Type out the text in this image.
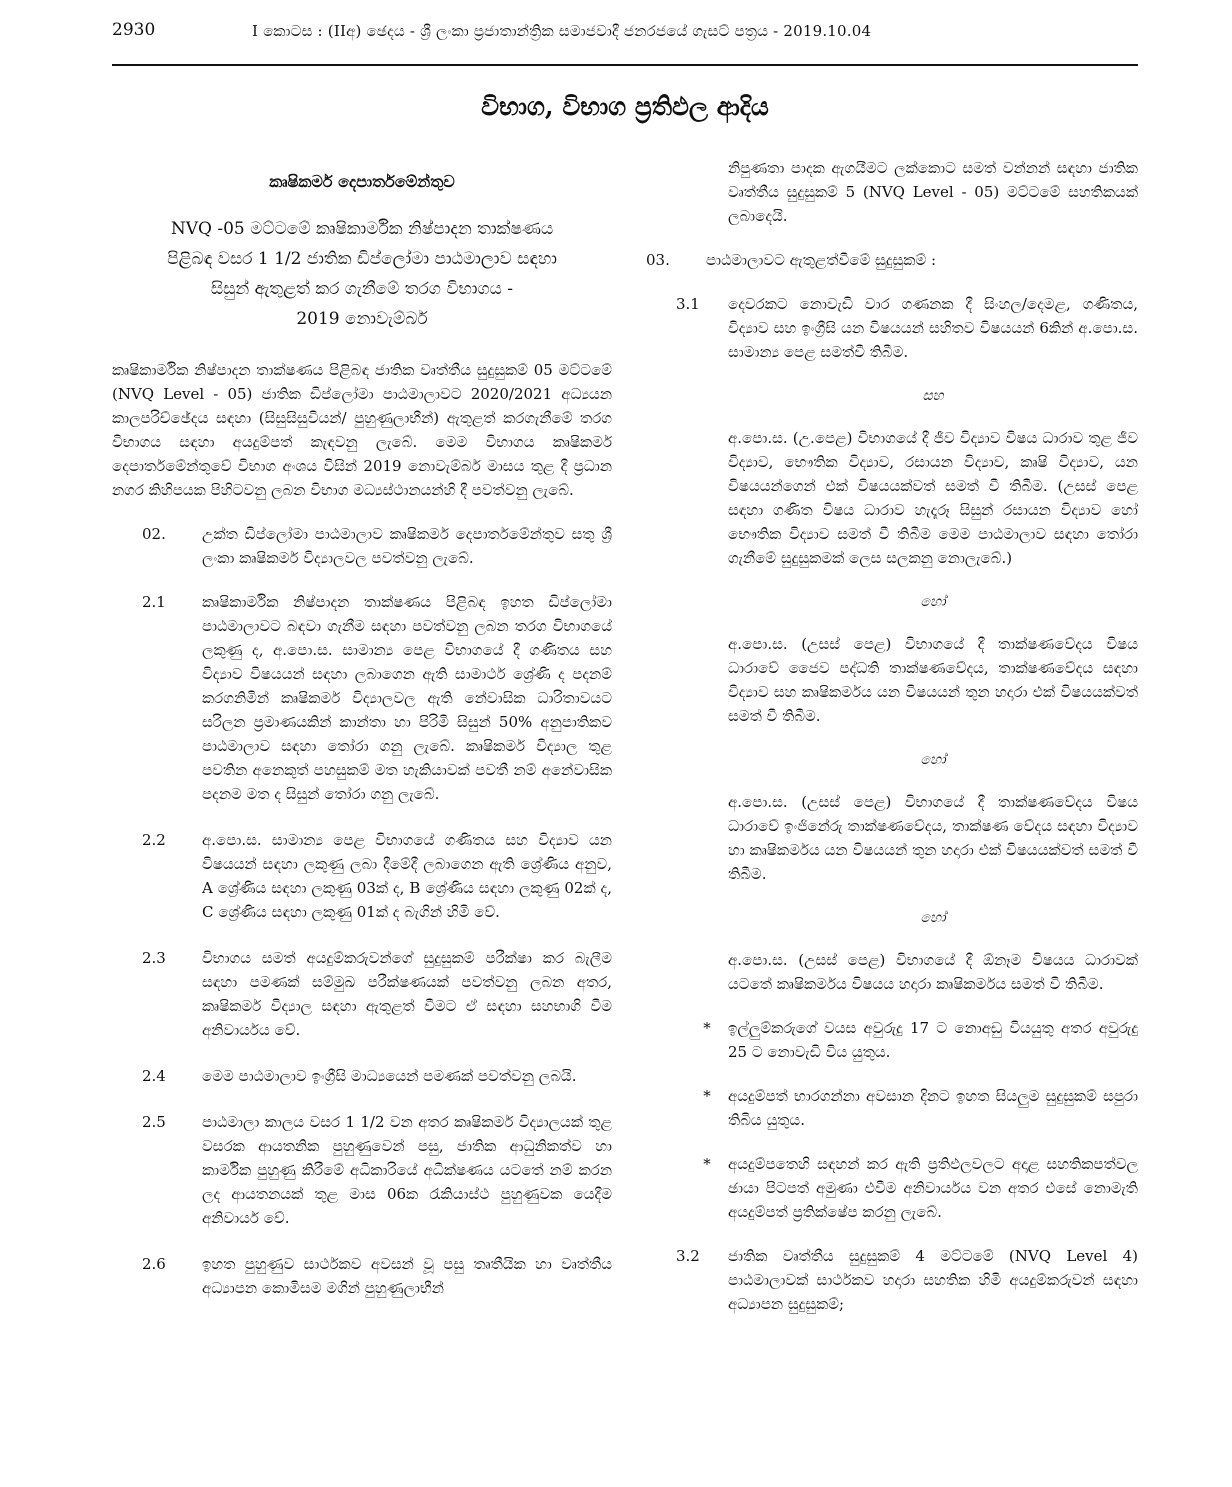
2930	I කොටස : (IIඅ) ඡෙදය - ශ්‍රී ලංකා ප්‍රජාතාන්ත්‍රික සමාජවාදී ජනරජයේ ගැසට් පත්‍රය - 2019.10.04
විභාග, විභාග ප්‍රතිඵල ආදිය
කෘෂිකර්ම දෙපාර්තමේන්තුව
NVQ -05 මට්ටමේ කෘෂිකාර්මික නිෂ්පාදන තාක්ෂණය
පිළිබඳ වසර 1 1/2 ජාතික ඩිප්ලෝමා පාඨමාලාව සඳහා
සිසුන් ඇතුළත් කර ගැනීමේ තරග විභාගය -
2019 නොවැම්බර්
කෘෂිකාර්මික නිෂ්පාදන තාක්ෂණය පිළිබඳ ජාතික වෘත්තීය සුදුසුකම් 05 මට්ටමේ (NVQ Level - 05) ජාතික ඩිප්ලෝමා පාඨමාලාවට 2020/2021 අධ්‍යයන කාලපරිච්ඡේදය සඳහා (සිසුසිසුවියන්/ පුහුණුලාභීන්) ඇතුළත් කරගැනීමේ තරග විභාගය සඳහා අයදුම්පත් කැඳවනු ලැබේ. මෙම විභාගය කෘෂිකර්ම දෙපාර්තමේන්තුවේ විභාග අංශය විසින් 2019 නොවැම්බර් මාසය තුළ දී ප්‍රධාන නගර කිහිපයක පිහිටවනු ලබන විභාග මධ්‍යස්ථානයන්හි දී පවත්වනු ලැබේ.
02.	උක්ත ඩිප්ලෝමා පාඨමාලාව කෘෂිකර්ම දෙපාර්තමේන්තුව සතු ශ්‍රී ලංකා කෘෂිකර්ම විද්‍යාලවල පවත්වනු ලැබේ.
2.1	කෘෂිකාර්මික නිෂ්පාදන තාක්ෂණය පිළිබඳ ඉහත ඩිප්ලෝමා පාඨමාලාවට බඳවා ගැනීම සඳහා පවත්වනු ලබන තරග විභාගයේ ලකුණු ද, අ.පො.ස. සාමාන්‍ය පෙළ විභාගයේ දී ගණිතය සහ විද්‍යාව විෂයයන් සඳහා ලබාගෙන ඇති සාමාර්ථ ශ්‍රේණි ද පදනම් කරගනිමින් කෘෂිකර්ම විද්‍යාලවල ඇති නේවාසික ධාරිතාවයට සරිලන ප්‍රමාණයකින් කාන්තා හා පිරිමි සිසුන් 50% අනුපාතිකව පාඨමාලාව සඳහා තෝරා ගනු ලැබේ. කෘෂිකර්ම විද්‍යාල තුළ පවතින අනෙකුත් පහසුකම් මත හැකියාවක් පවතී නම් අනේවාසික පදනම මත ද සිසුන් තෝරා ගනු ලැබේ.
2.2	අ.පො.ස. සාමාන්‍ය පෙළ විභාගයේ ගණිතය සහ විද්‍යාව යන විෂයයන් සඳහා ලකුණු ලබා දීමේදී ලබාගෙන ඇති ශ්‍රේණිය අනුව, A ශ්‍රේණිය සඳහා ලකුණු 03ක් ද, B ශ්‍රේණිය සඳහා ලකුණු 02ක් ද, C ශ්‍රේණිය සඳහා ලකුණු 01ක් ද බැගින් හිමි වේ.
2.3	විභාගය සමත් අයදුම්කරුවන්ගේ සුදුසුකම් පරීක්ෂා කර බැලීම සඳහා පමණක් සම්මුඛ පරීක්ෂණයක් පවත්වනු ලබන අතර, කෘෂිකර්ම විද්‍යාල සඳහා ඇතුළත් වීමට ඒ සඳහා සහභාගි වීම අනිවාර්යය වේ.
2.4	මෙම පාඨමාලාව ඉංග්‍රීසි මාධ්‍යයෙන් පමණක් පවත්වනු ලබයි.
2.5	පාඨමාලා කාලය වසර 1 1/2 වන අතර කෘෂිකර්ම විද්‍යාලයක් තුළ වසරක ආයතනික පුහුණුවෙන් පසු, ජාතික ආධුනිකත්ව හා කාර්මික පුහුණු කිරීමේ අධිකාරියේ අධීක්ෂණය යටතේ නම් කරන ලද ආයතනයක් තුළ මාස 06ක රැකියාස්ථ පුහුණුවක යෙදීම අනිවාර්ය වේ.
2.6	ඉහත පුහුණුව සාර්ථකව අවසන් වූ පසු තෘතීයික හා වෘත්තීය අධ්‍යාපන කොමිසම මගින් පුහුණුලාභීන්
නිපුණතා පාදක ඇගයීමට ලක්කොට සමත් වන්නන් සඳහා ජාතික වෘත්තීය සුදුසුකම් 5 (NVQ Level - 05) මට්ටමේ සහතිකයක් ලබාදෙයි.
03.	පාඨමාලාවට ඇතුළත්වීමේ සුදුසුකම් :
3.1	දෙවරකට නොවැඩි වාර ගණනක දී සිංහල/දෙමළ, ගණිතය, විද්‍යාව සහ ඉංග්‍රීසි යන විෂයයන් සහිතව විෂයයන් 6කින් අ.පො.ස. සාමාන්‍ය පෙළ සමත්වී තිබීම.
සහ
අ.පො.ස. (උ.පෙළ) විභාගයේ දී ජීව විද්‍යාව විෂය ධාරාව තුළ ජීව විද්‍යාව, භෞතික විද්‍යාව, රසායන විද්‍යාව, කෘෂි විද්‍යාව, යන විෂයයන්ගෙන් එක් විෂයයක්වත් සමත් වී තිබීම. (උසස් පෙළ සඳහා ගණිත විෂය ධාරාව හැදෑරූ සිසුන් රසායන විද්‍යාව හෝ භෞතික විද්‍යාව සමත් වී තිබීම මෙම පාඨමාලාව සඳහා තෝරා ගැනීමේ සුදුසුකමක් ලෙස සලකනු නොලැබේ.)
හෝ
අ.පො.ස. (උසස් පෙළ) විභාගයේ දී තාක්ෂණවේදය විෂය ධාරාවේ ජෛව පද්ධති තාක්ෂණවේදය, තාක්ෂණවේදය සඳහා විද්‍යාව සහ කෘෂිකර්මය යන විෂයයන් තුන හදාරා එක් විෂයයක්වත් සමත් වී තිබීම.
හෝ
අ.පො.ස. (උසස් පෙළ) විභාගයේ දී තාක්ෂණවේදය විෂය ධාරාවේ ඉංජිනේරු තාක්ෂණවේදය, තාක්ෂණ වේදය සඳහා විද්‍යාව හා කෘෂිකර්මය යන විෂයයන් තුන හදාරා එක් විෂයයක්වත් සමත් වී තිබීම.
හෝ
අ.පො.ස. (උසස් පෙළ) විභාගයේ දී ඕනෑම විෂයය ධාරාවක් යටතේ කෘෂිකර්මය විෂයය හදාරා කෘෂිකර්මය සමත් වී තිබීම.
*	ඉල්ලුම්කරුගේ වයස අවුරුදු 17 ට නොඅඩු වියයුතු අතර අවුරුදු 25 ට නොවැඩි විය යුතුය.
*	අයදුම්පත් භාරගන්නා අවසාන දිනට ඉහත සියලුම සුදුසුකම් සපුරා තිබිය යුතුය.
*	අයදුම්පතෙහි සඳහන් කර ඇති ප්‍රතිඵලවලට අදාළ සහතිකපත්වල ඡායා පිටපත් අමුණා එවීම අනිවාර්යය වන අතර එසේ නොමැති අයදුම්පත් ප්‍රතික්ෂේප කරනු ලැබේ.
3.2	ජාතික වෘත්තීය සුදුසුකම් 4 මට්ටමේ (NVQ Level 4) පාඨමාලාවක් සාර්ථකව හදාරා සහතික හිමි අයදුම්කරුවන් සඳහා අධ්‍යාපන සුදුසුකම්;
